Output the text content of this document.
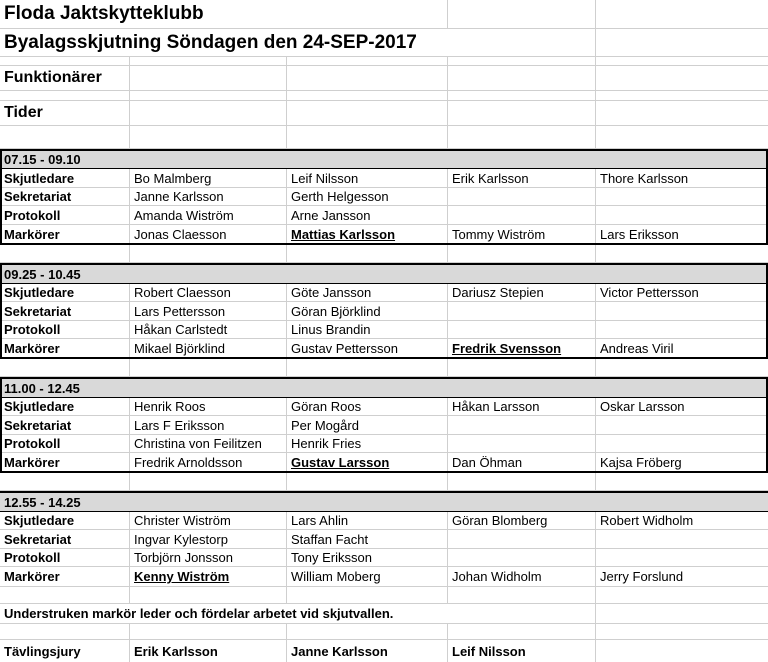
Floda Jaktskytteklubb
Byalagsskjutning Söndagen den 24-SEP-2017
Funktionärer
Tider
07.15 - 09.10
Skjutledare	Bo Malmberg	Leif Nilsson	Erik Karlsson	Thore Karlsson
Sekretariat	Janne Karlsson	Gerth Helgesson
Protokoll	Amanda Wiström	Arne Jansson
Markörer	Jonas Claesson	Mattias Karlsson	Tommy Wiström	Lars Eriksson
09.25 - 10.45
Skjutledare	Robert Claesson	Göte Jansson	Dariusz Stepien	Victor Pettersson
Sekretariat	Lars Pettersson	Göran Björklind
Protokoll	Håkan Carlstedt	Linus Brandin
Markörer	Mikael Björklind	Gustav Pettersson	Fredrik Svensson	Andreas Viril
11.00 - 12.45
Skjutledare	Henrik Roos	Göran Roos	Håkan Larsson	Oskar Larsson
Sekretariat	Lars F Eriksson	Per Mogård
Protokoll	Christina von Feilitzen	Henrik Fries
Markörer	Fredrik Arnoldsson	Gustav Larsson	Dan Öhman	Kajsa Fröberg
12.55 - 14.25
Skjutledare	Christer Wiström	Lars Ahlin	Göran Blomberg	Robert Widholm
Sekretariat	Ingvar Kylestorp	Staffan Facht
Protokoll	Torbjörn Jonsson	Tony Eriksson
Markörer	Kenny Wiström	William Moberg	Johan Widholm	Jerry Forslund
Understruken markör leder och fördelar arbetet vid skjutvallen.
Tävlingsjury	Erik Karlsson	Janne Karlsson	Leif Nilsson
